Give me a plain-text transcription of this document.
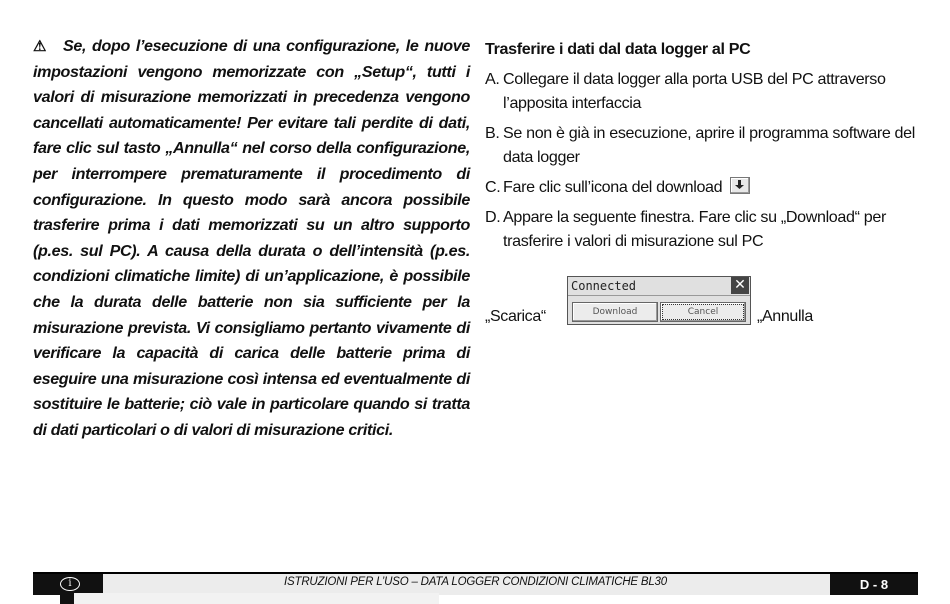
⚠ Se, dopo l’esecuzione di una configurazione, le nuove impostazioni vengono memorizzate con „Setup“, tutti i valori di misurazione memorizzati in precedenza vengono cancellati automaticamente! Per evitare tali perdite di dati, fare clic sul tasto „Annulla“ nel corso della configurazione, per interrompere prematuramente il procedimento di configurazione. In questo modo sarà ancora possibile trasferire prima i dati memorizzati su un altro supporto (p.es. sul PC). A causa della durata o dell’intensità (p.es. condizioni climatiche limite) di un’applicazione, è possibile che la durata delle batterie non sia sufficiente per la misurazione prevista. Vi consigliamo pertanto vivamente di verificare la capacità di carica delle batterie prima di eseguire una misurazione così intensa ed eventualmente di sostituire le batterie; ciò vale in particolare quando si tratta di dati particolari o di valori di misurazione critici.
Trasferire i dati dal data logger al PC
A. Collegare il data logger alla porta USB del PC attraverso l’apposita interfaccia
B. Se non è già in esecuzione, aprire il programma software del data logger
C. Fare clic sull’icona del download
D. Appare la seguente finestra. Fare clic su „Download“ per trasferire i valori di misurazione sul PC
„Scarica“
Connected	✕
Download	Cancel	„Annulla
ISTRUZIONI PER L’USO – DATA LOGGER CONDIZIONI CLIMATICHE BL30
i	D - 8
